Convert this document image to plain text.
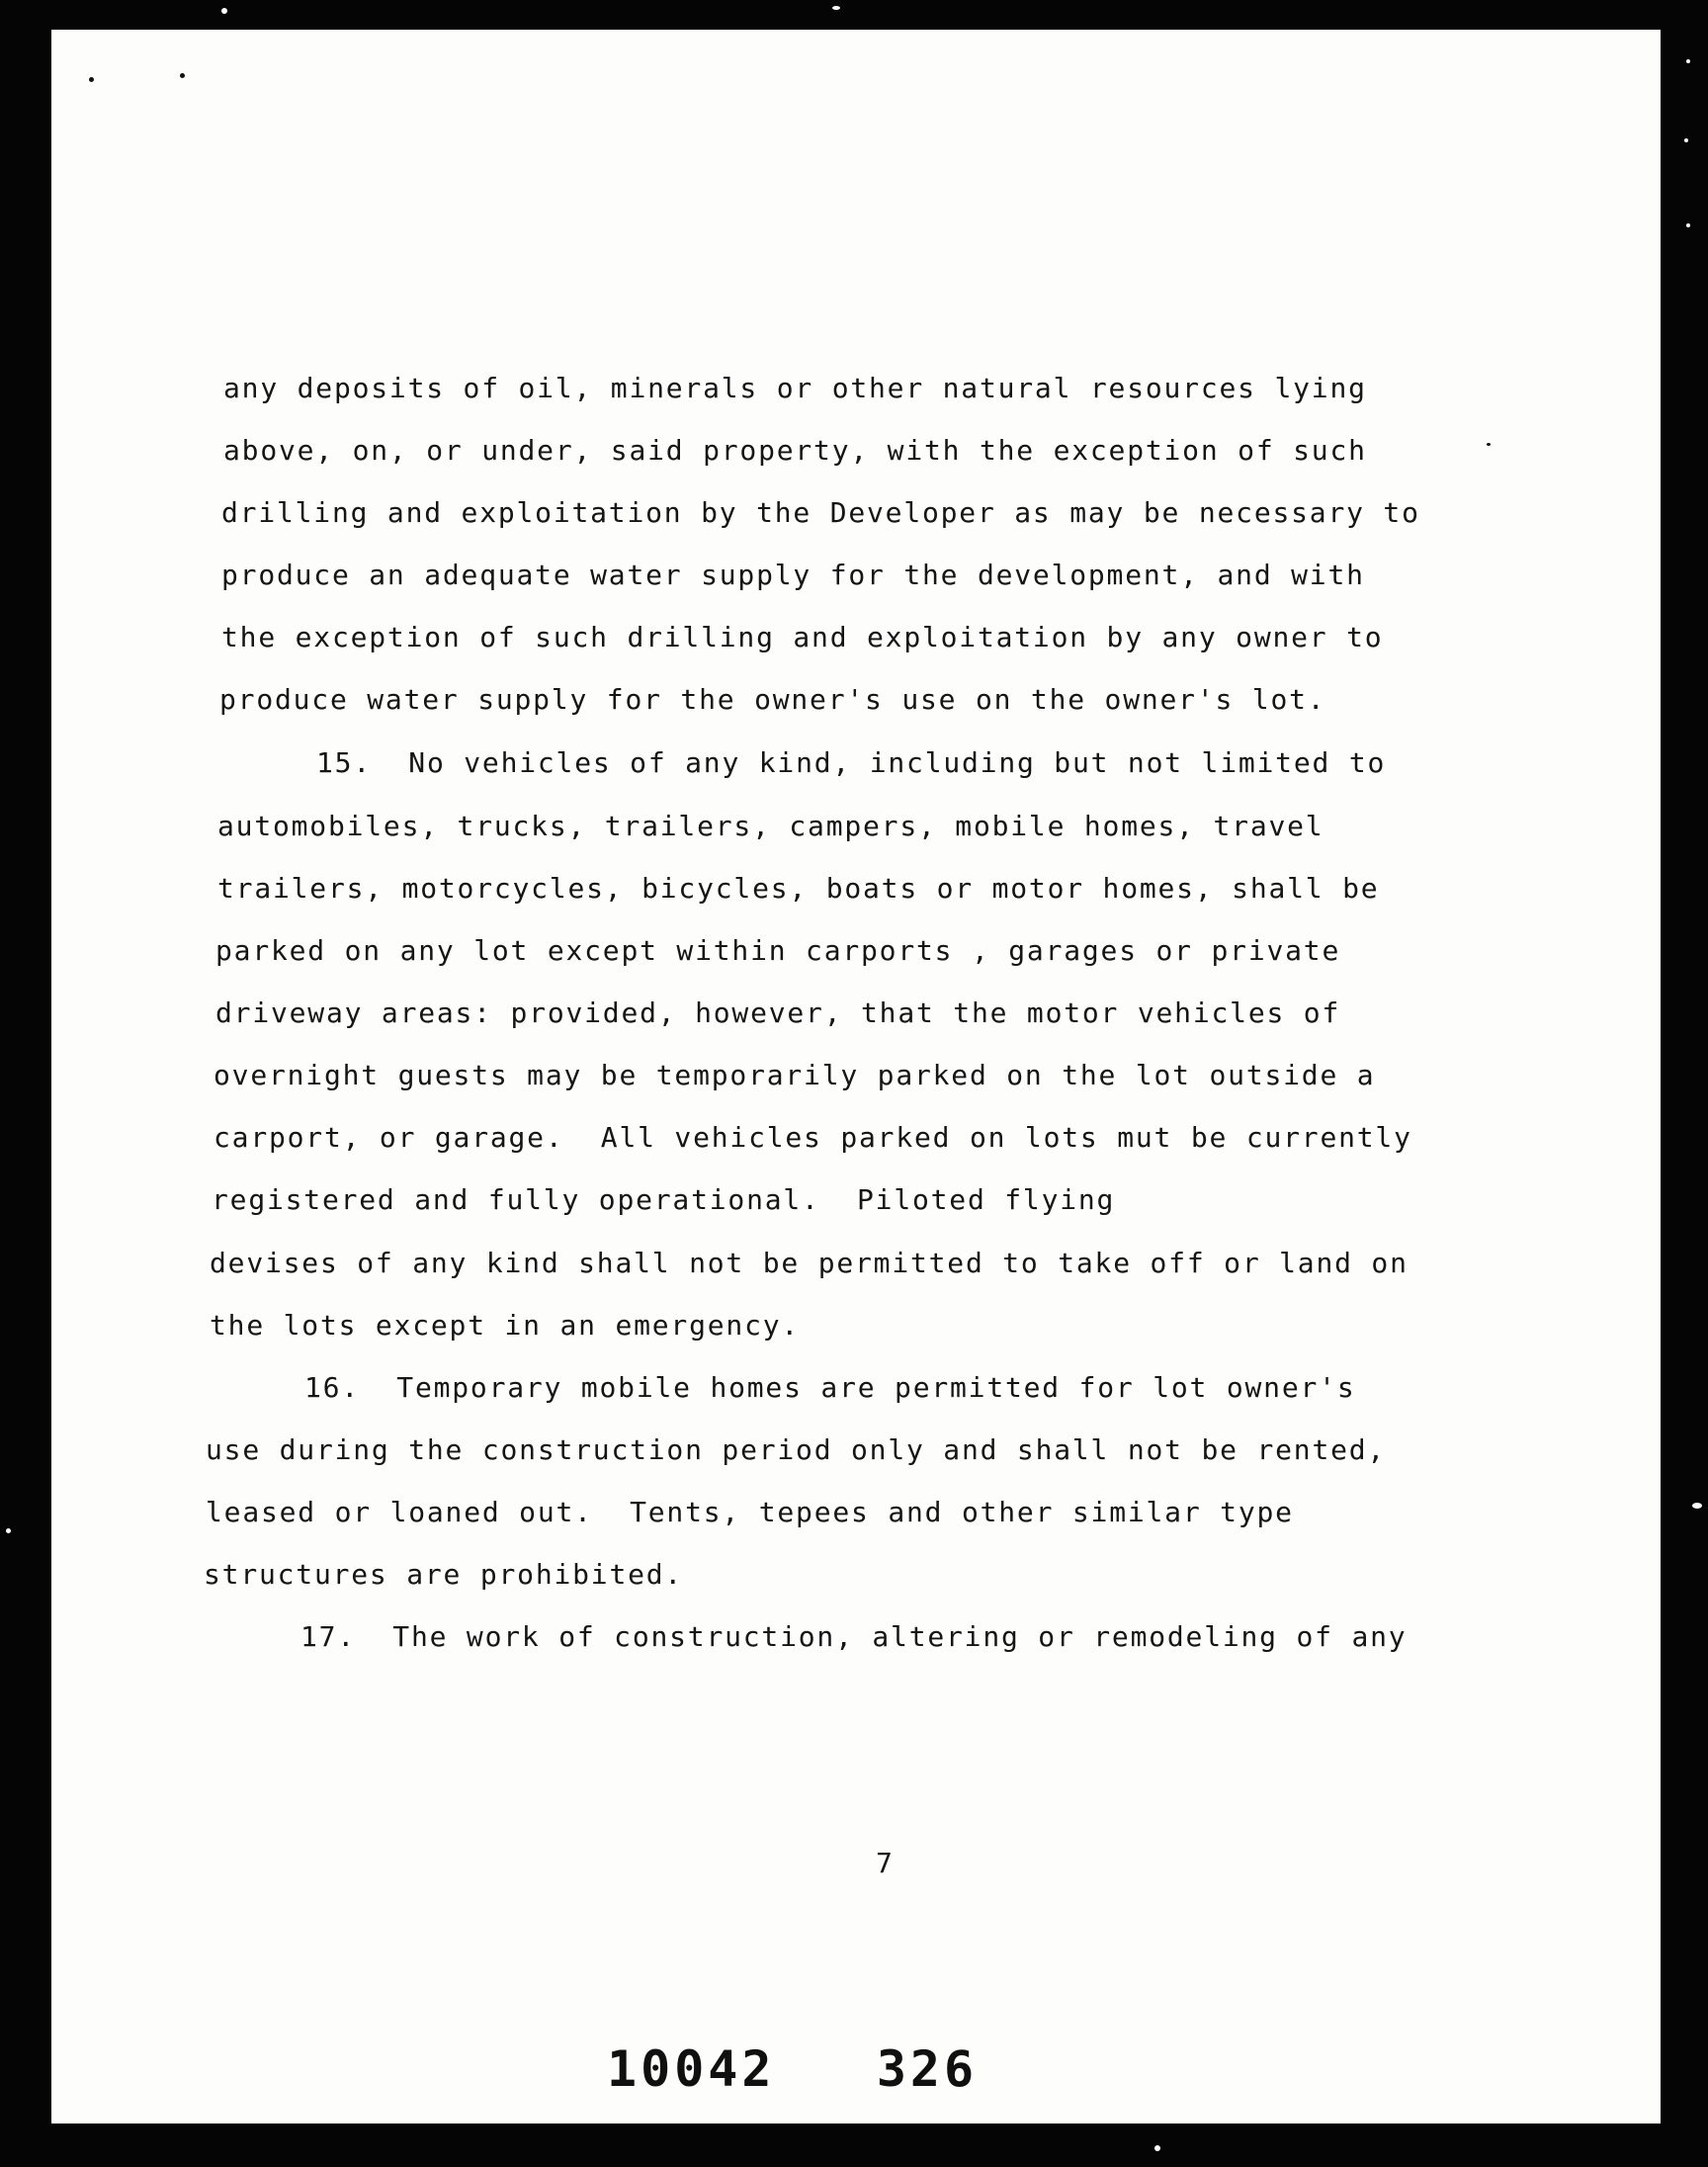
any deposits of oil, minerals or other natural resources lying
above, on, or under, said property, with the exception of such
drilling and exploitation by the Developer as may be necessary to
produce an adequate water supply for the development, and with
the exception of such drilling and exploitation by any owner to
produce water supply for the owner's use on the owner's lot.
15.  No vehicles of any kind, including but not limited to
automobiles, trucks, trailers, campers, mobile homes, travel
trailers, motorcycles, bicycles, boats or motor homes, shall be
parked on any lot except within carports , garages or private
driveway areas: provided, however, that the motor vehicles of
overnight guests may be temporarily parked on the lot outside a
carport, or garage.  All vehicles parked on lots mut be currently
registered and fully operational.  Piloted flying
devises of any kind shall not be permitted to take off or land on
the lots except in an emergency.
16.  Temporary mobile homes are permitted for lot owner's
use during the construction period only and shall not be rented,
leased or loaned out.  Tents, tepees and other similar type
structures are prohibited.
17.  The work of construction, altering or remodeling of any
7
10042 326
